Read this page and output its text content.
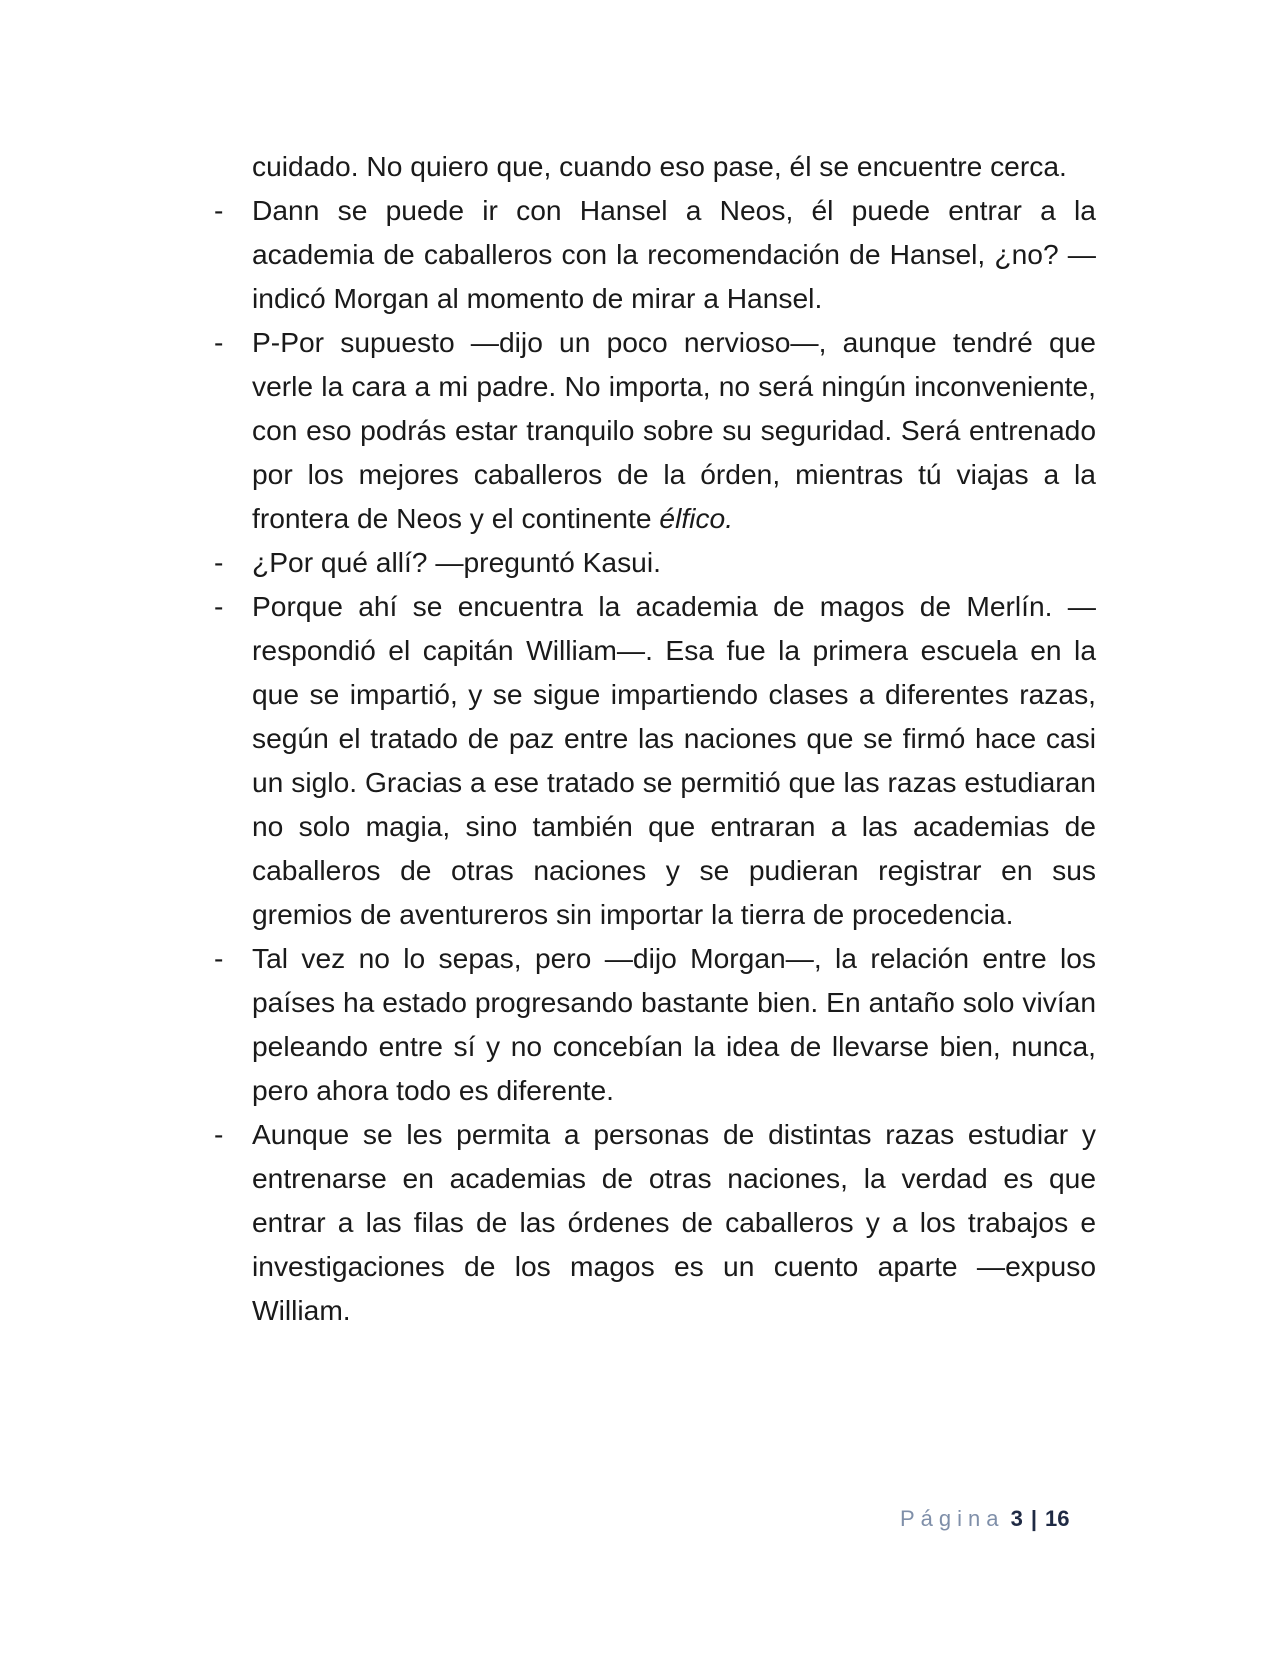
cuidado. No quiero que, cuando eso pase, él se encuentre cerca.

- Dann se puede ir con Hansel a Neos, él puede entrar a la academia de caballeros con la recomendación de Hansel, ¿no? —indicó Morgan al momento de mirar a Hansel.

- P-Por supuesto —dijo un poco nervioso—, aunque tendré que verle la cara a mi padre. No importa, no será ningún inconveniente, con eso podrás estar tranquilo sobre su seguridad. Será entrenado por los mejores caballeros de la órden, mientras tú viajas a la frontera de Neos y el continente élfico.

- ¿Por qué allí? —preguntó Kasui.

- Porque ahí se encuentra la academia de magos de Merlín. —respondió el capitán William—. Esa fue la primera escuela en la que se impartió, y se sigue impartiendo clases a diferentes razas, según el tratado de paz entre las naciones que se firmó hace casi un siglo. Gracias a ese tratado se permitió que las razas estudiaran no solo magia, sino también que entraran a las academias de caballeros de otras naciones y se pudieran registrar en sus gremios de aventureros sin importar la tierra de procedencia.

- Tal vez no lo sepas, pero —dijo Morgan—, la relación entre los países ha estado progresando bastante bien. En antaño solo vivían peleando entre sí y no concebían la idea de llevarse bien, nunca, pero ahora todo es diferente.

- Aunque se les permita a personas de distintas razas estudiar y entrenarse en academias de otras naciones, la verdad es que entrar a las filas de las órdenes de caballeros y a los trabajos e investigaciones de los magos es un cuento aparte —expuso William.

Página 3 | 16
